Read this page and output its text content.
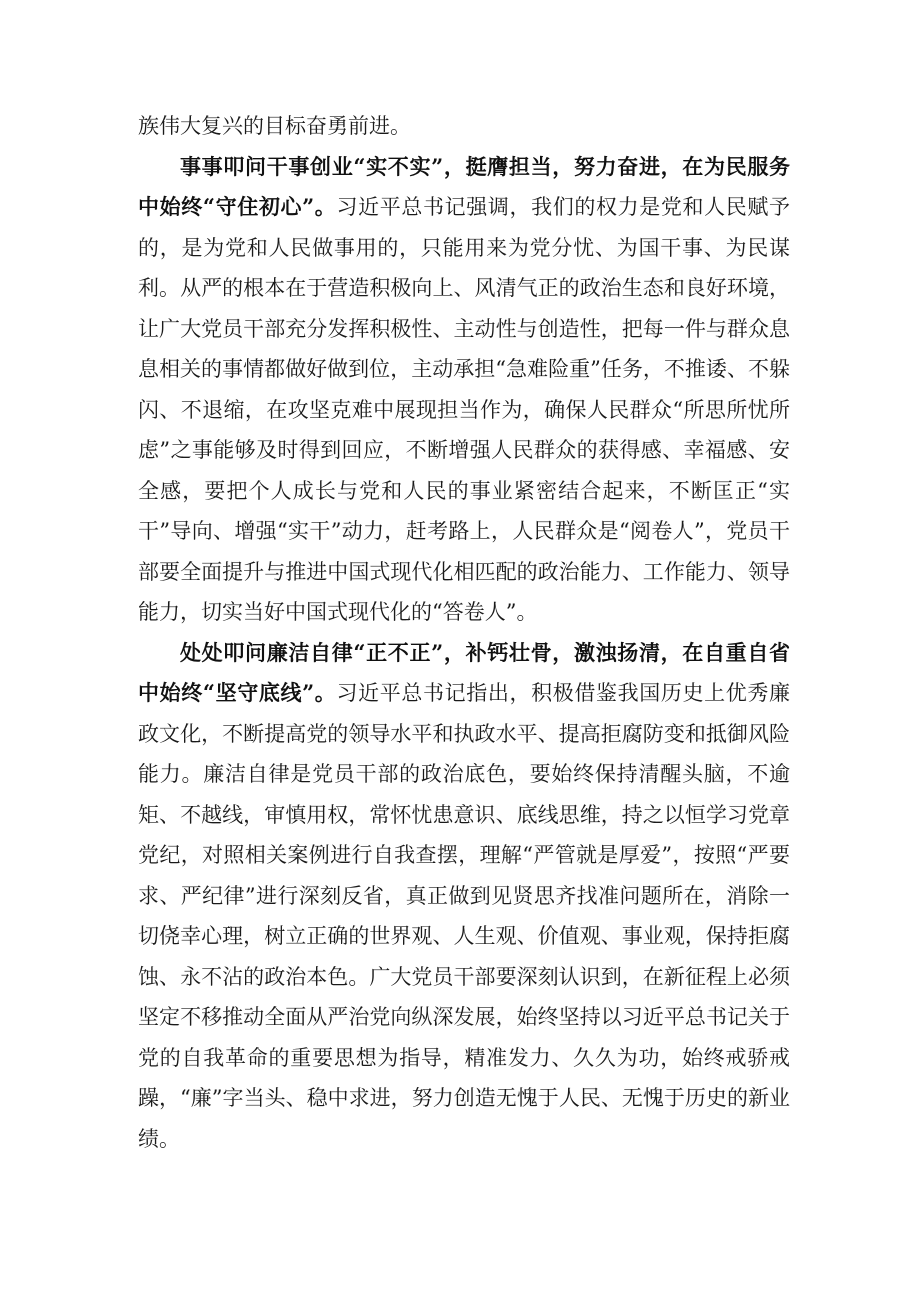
族伟大复兴的目标奋勇前进。

事事叩问干事创业“实不实”，挺膺担当，努力奋进，在为民服务中始终“守住初心”。习近平总书记强调，我们的权力是党和人民赋予的，是为党和人民做事用的，只能用来为党分忧、为国干事、为民谋利。从严的根本在于营造积极向上、风清气正的政治生态和良好环境，让广大党员干部充分发挥积极性、主动性与创造性，把每一件与群众息息相关的事情都做好做到位，主动承担“急难险重”任务，不推诿、不躲闪、不退缩，在攻坚克难中展现担当作为，确保人民群众“所思所忧所虑”之事能够及时得到回应，不断增强人民群众的获得感、幸福感、安全感，要把个人成长与党和人民的事业紧密结合起来，不断匡正“实干”导向、增强“实干”动力，赶考路上，人民群众是“阅卷人”，党员干部要全面提升与推进中国式现代化相匹配的政治能力、工作能力、领导能力，切实当好中国式现代化的“答卷人”。

处处叩问廉洁自律“正不正”，补钙壮骨，激浊扬清，在自重自省中始终“坚守底线”。习近平总书记指出，积极借鉴我国历史上优秀廉政文化，不断提高党的领导水平和执政水平、提高拒腐防变和抵御风险能力。廉洁自律是党员干部的政治底色，要始终保持清醒头脑，不逾矩、不越线，审慎用权，常怀忧患意识、底线思维，持之以恒学习党章党纪，对照相关案例进行自我查摆，理解“严管就是厚爱”，按照“严要求、严纪律”进行深刻反省，真正做到见贤思齐找准问题所在，消除一切侥幸心理，树立正确的世界观、人生观、价值观、事业观，保持拒腐蚀、永不沾的政治本色。广大党员干部要深刻认识到，在新征程上必须坚定不移推动全面从严治党向纵深发展，始终坚持以习近平总书记关于党的自我革命的重要思想为指导，精准发力、久久为功，始终戒骄戒躁，“廉”字当头、稳中求进，努力创造无愧于人民、无愧于历史的新业绩。
